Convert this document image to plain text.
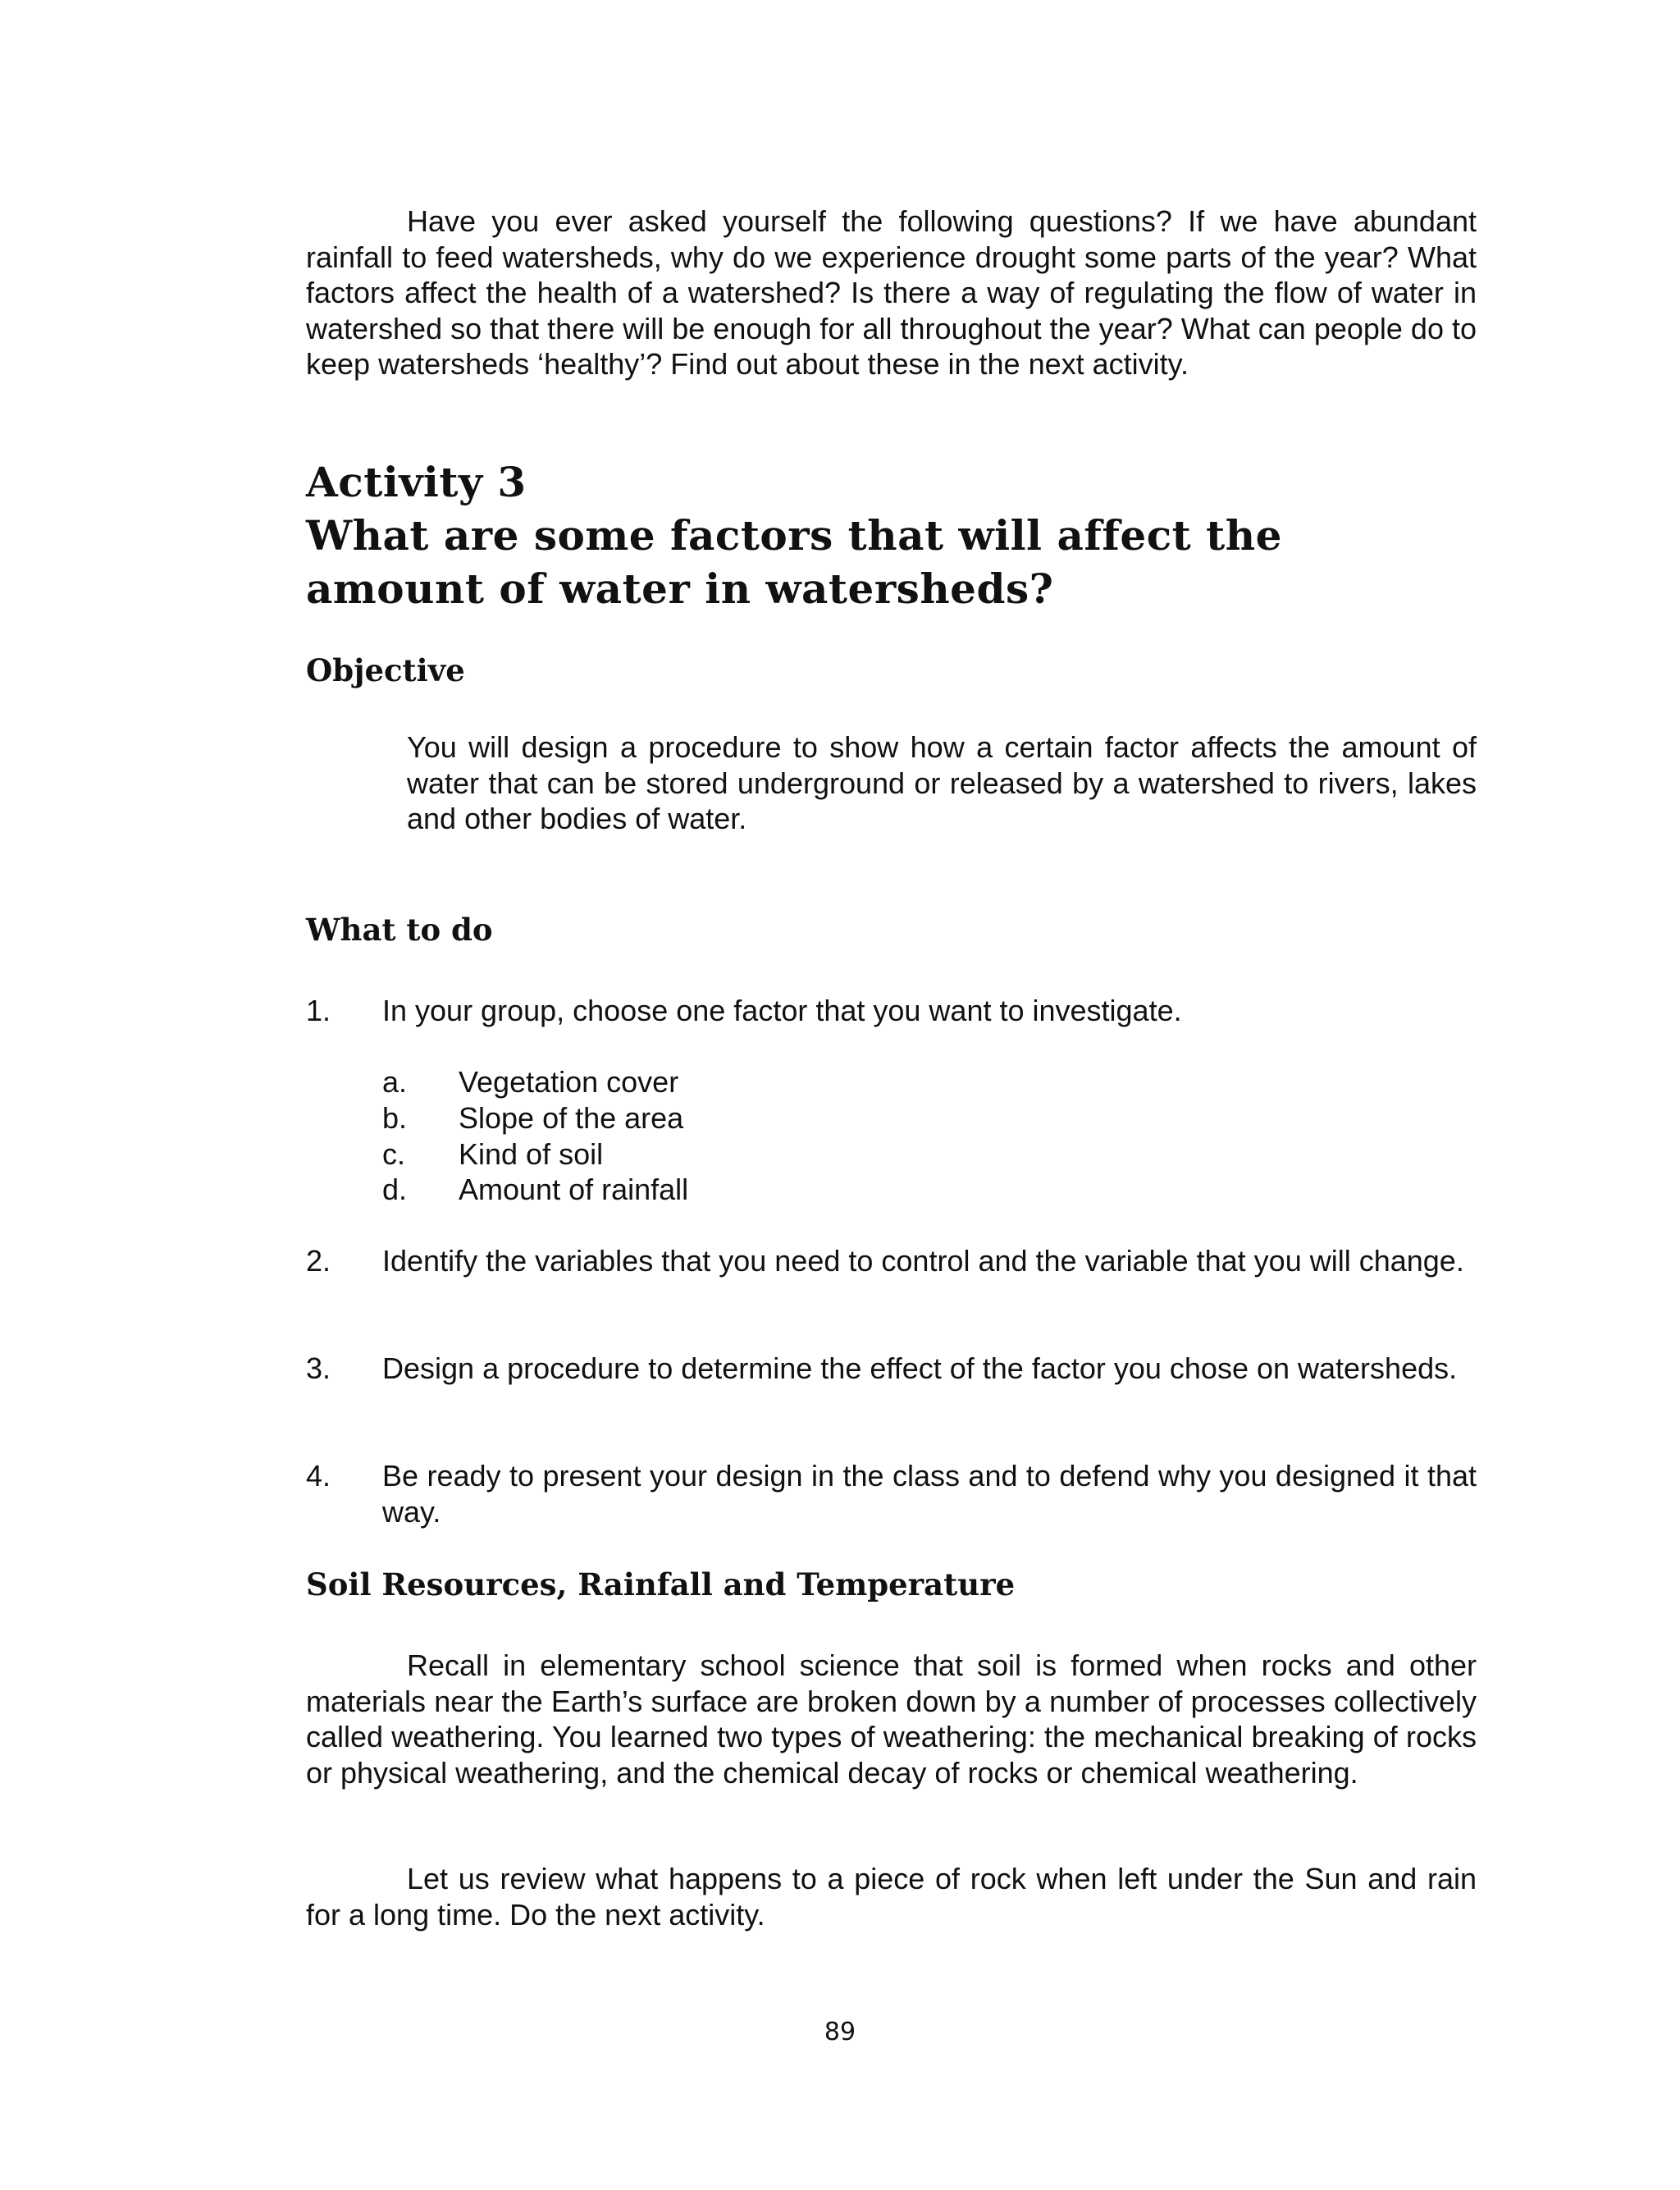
Have you ever asked yourself the following questions? If we have abundant rainfall to feed watersheds, why do we experience drought some parts of the year? What factors affect the health of a watershed? Is there a way of regulating the flow of water in watershed so that there will be enough for all throughout the year? What can people do to keep watersheds ‘healthy’? Find out about these in the next activity.

Activity 3
What are some factors that will affect the
amount of water in watersheds?
Objective

You will design a procedure to show how a certain factor affects the amount of water that can be stored underground or released by a watershed to rivers, lakes and other bodies of water.

What to do
1. In your group, choose one factor that you want to investigate.
a. Vegetation cover
b. Slope of the area
c. Kind of soil
d. Amount of rainfall
2. Identify the variables that you need to control and the variable that you will change.
3. Design a procedure to determine the effect of the factor you chose on watersheds.
4. Be ready to present your design in the class and to defend why you designed it that way.
Soil Resources, Rainfall and Temperature

Recall in elementary school science that soil is formed when rocks and other materials near the Earth’s surface are broken down by a number of processes collectively called weathering. You learned two types of weathering: the mechanical breaking of rocks or physical weathering, and the chemical decay of rocks or chemical weathering.

Let us review what happens to a piece of rock when left under the Sun and rain for a long time. Do the next activity.

89
